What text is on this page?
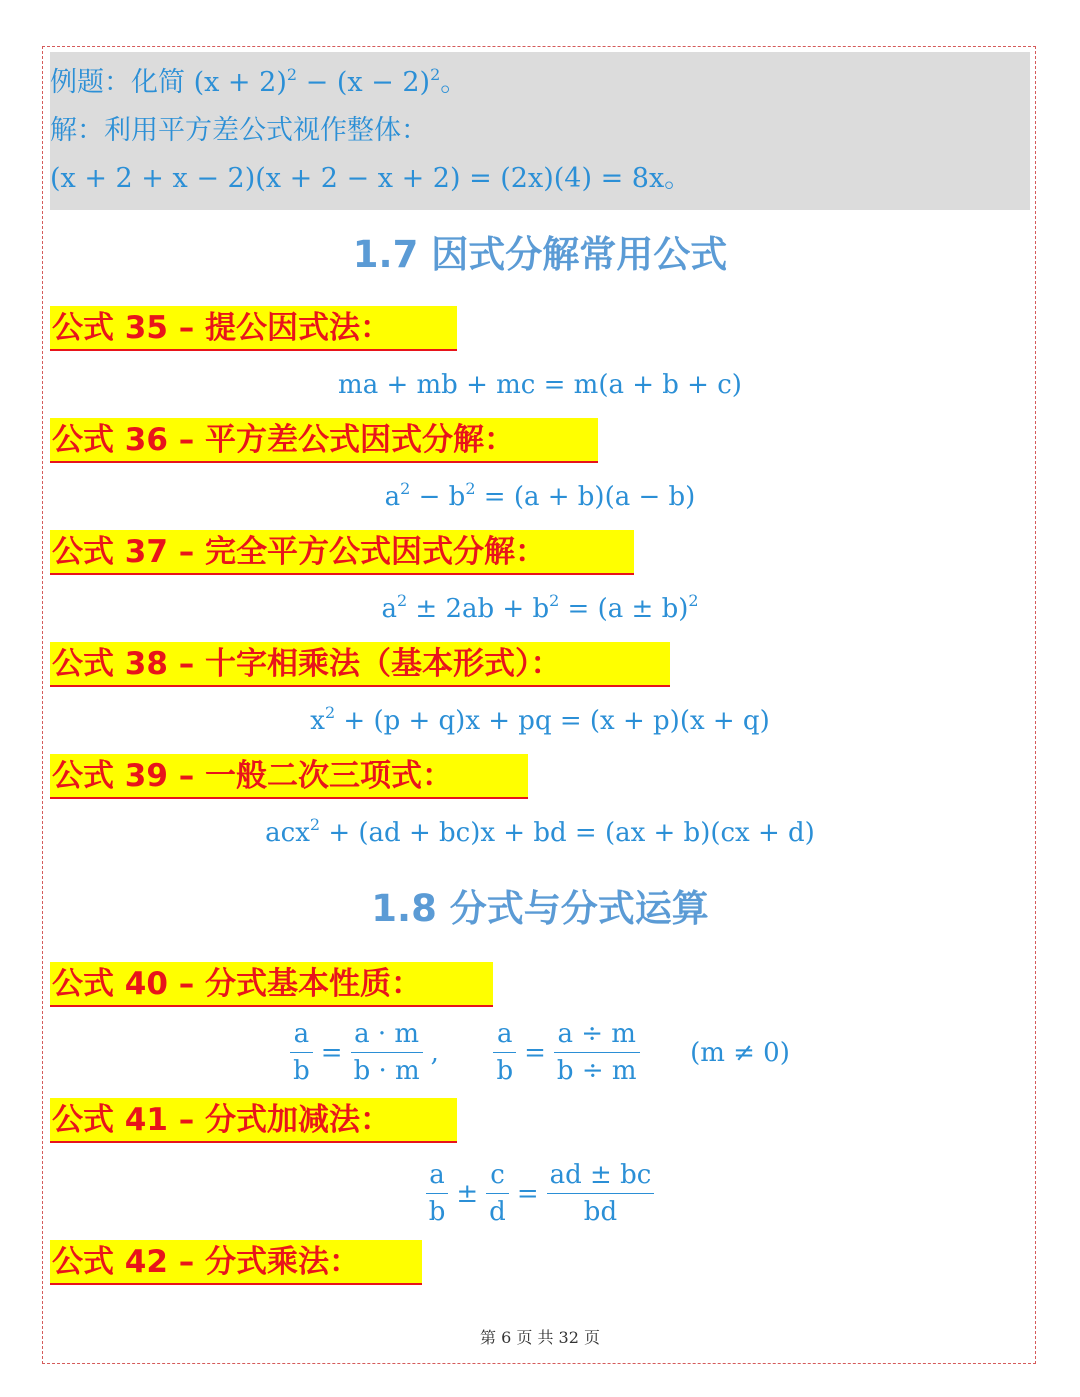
例题：化简 $(x + 2)^2 - (x - 2)^2$。
解：利用平方差公式视作整体：
(x + 2 + x − 2)(x + 2 − x + 2) = (2x)(4) = 8x。
1.7 因式分解常用公式
公式 35 – 提公因式法：
ma + mb + mc = m(a + b + c)
公式 36 – 平方差公式因式分解：
$a^2 - b^2 = (a + b)(a - b)$
公式 37 – 完全平方公式因式分解：
$a^2 \pm 2ab + b^2 = (a \pm b)^2$
公式 38 – 十字相乘法（基本形式）：
$x^2 + (p + q)x$ + pq = (x + p)(x + q)
公式 39 – 一般二次三项式：
acx$^2$ + (ad + bc)x + bd = (ax + b)(cx + d)
1.8 分式与分式运算
公式 40 – 分式基本性质：
$\frac{a}{b} = \frac{a \cdot m}{b \cdot m}$ , $\frac{a}{b} = \frac{a \div m}{b \div m} (m \ne 0)$
公式 41 – 分式加减法：
$\frac{a}{b} \pm \frac{c}{d} = \frac{ad \pm bc}{bd}$
公式 42 – 分式乘法：
第 6 页 共 32 页
